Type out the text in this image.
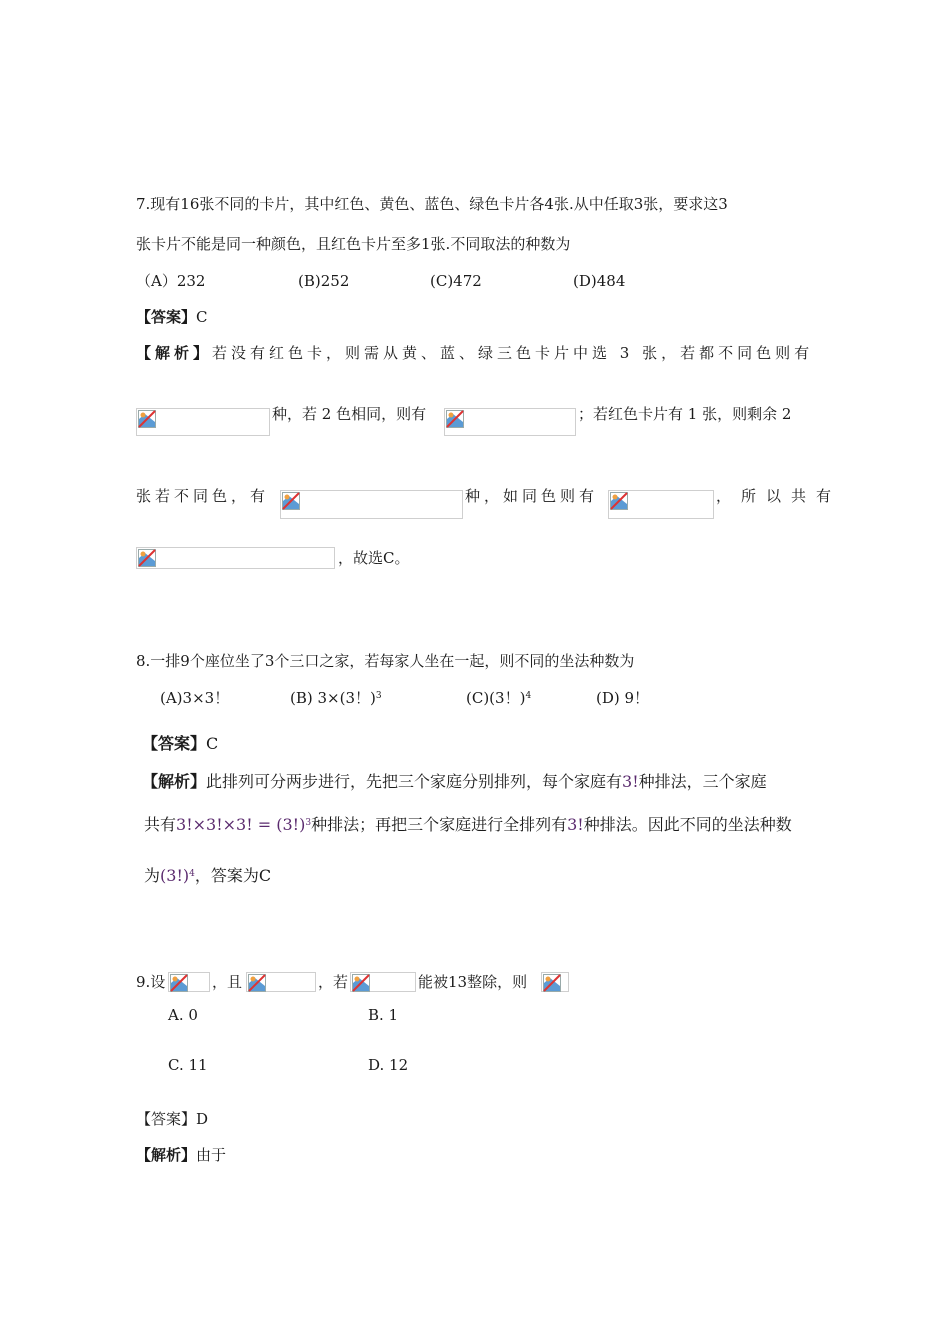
7.现有16张不同的卡片，其中红色、黄色、蓝色、绿色卡片各4张.从中任取3张，要求这3
张卡片不能是同一种颜色，且红色卡片至多1张.不同取法的种数为
（A）232	(B)252	(C)472	(D)484
【答案】C
【解析】若没有红色卡，则需从黄、蓝、绿三色卡片中选 3 张，若都不同色则有
种，若 2 色相同，则有	；若红色卡片有 1 张，则剩余 2
张若不同色，有	种，如同色则有	，所以共有
，故选C。
8.一排9个座位坐了3个三口之家，若每家人坐在一起，则不同的坐法种数为
(A)3×3！	(B) 3×(3！)$^3$	(C)(3！)$^4$	(D) 9！
【答案】C
【解析】此排列可分两步进行，先把三个家庭分别排列，每个家庭有3!种排法，三个家庭
共有3!×3!×3! = $(3!)^3$种排法；再把三个家庭进行全排列有3!种排法。因此不同的坐法种数
为$(3!)^4$，答案为C
9.设	，且	，若	能被13整除，则
A. 0	B. 1
C. 11	D. 12
【答案】D
【解析】由于
